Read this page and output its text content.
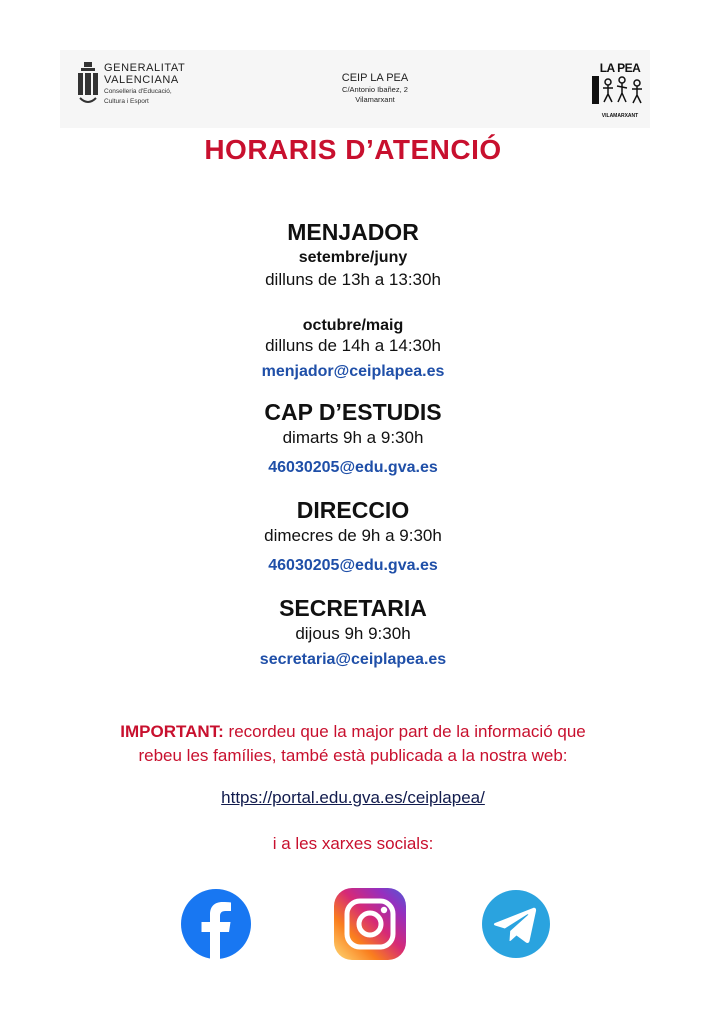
GENERALITAT
VALENCIANA
Conselleria d'Educació,
Cultura i Esport
CEIP LA PEA
C/Antonio Ibañez, 2
Vilamarxant
LA PEA
CEIP
VILAMARXANT
HORARIS D’ATENCIÓ
MENJADOR
setembre/juny
dilluns de 13h a 13:30h
octubre/maig
dilluns de 14h a 14:30h
menjador@ceiplapea.es
CAP D’ESTUDIS
dimarts 9h a 9:30h
46030205@edu.gva.es
DIRECCIO
dimecres de 9h a 9:30h
46030205@edu.gva.es
SECRETARIA
dijous 9h 9:30h
secretaria@ceiplapea.es
IMPORTANT: recordeu que la major part de la informació que
rebeu les famílies, també està publicada a la nostra web:
https://portal.edu.gva.es/ceiplapea/
i a les xarxes socials:
